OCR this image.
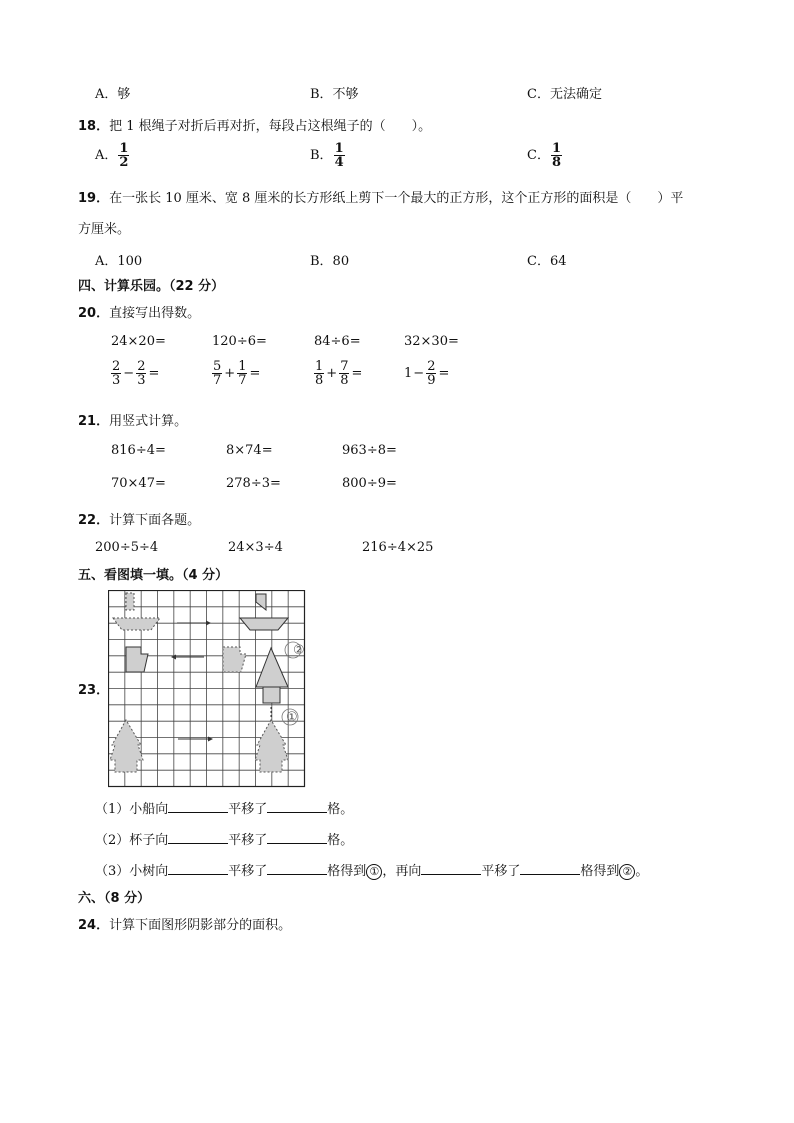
A．够	B．不够	C．无法确定
18．把 1 根绳子对折后再对折，每段占这根绳子的（　　）。
A． $\frac{1}{2}$	B． $\frac{1}{4}$	C． $\frac{1}{8}$
19．在一张长 10 厘米、宽 8 厘米的长方形纸上剪下一个最大的正方形，这个正方形的面积是（　　）平
方厘米。
A．100	B．80	C．64
四、计算乐园。（22 分）
20．直接写出得数。
24×20=	120÷6=	84÷6=	32×30=
$\frac{2}{3} - \frac{2}{3}$ =	$\frac{5}{7} + \frac{1}{7}$ =	$\frac{1}{8} + \frac{7}{8}$ =	$1 - \frac{2}{9}$ =
21．用竖式计算。
816÷4=	8×74=	963÷8=
70×47=	278÷3=	800÷9=
22．计算下面各题。
200÷5÷4	24×3÷4	216÷4×25
五、看图填一填。（4 分）
23．
②
①
（1）小船向	平移了	格。
（2）杯子向	平移了	格。
（3）小树向	平移了	格得到 ① ，再向	平移了	格得到 ② 。
六、（8 分）
24．计算下面图形阴影部分的面积。
